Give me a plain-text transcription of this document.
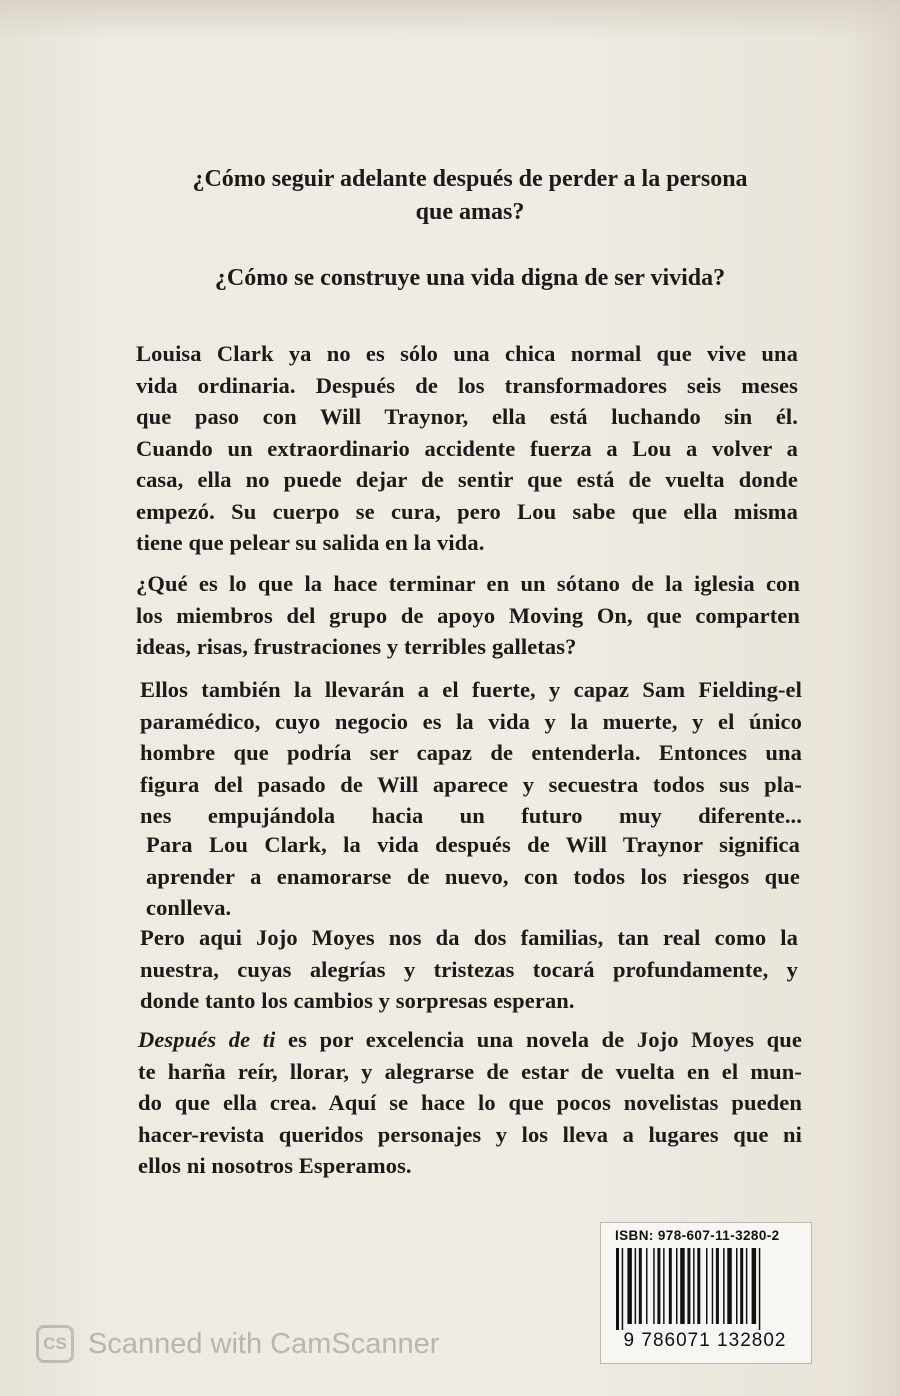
¿Cómo seguir adelante después de perder a la persona
que amas?
¿Cómo se construye una vida digna de ser vivida?
Louisa Clark ya no es sólo una chica normal que vive una
vida ordinaria. Después de los transformadores seis meses
que paso con Will Traynor, ella está luchando sin él.
Cuando un extraordinario accidente fuerza a Lou a volver a
casa, ella no puede dejar de sentir que está de vuelta donde
empezó. Su cuerpo se cura, pero Lou sabe que ella misma
tiene que pelear su salida en la vida.
¿Qué es lo que la hace terminar en un sótano de la iglesia con
los miembros del grupo de apoyo Moving On, que comparten
ideas, risas, frustraciones y terribles galletas?
Ellos también la llevarán a el fuerte, y capaz Sam Fielding-el
paramédico, cuyo negocio es la vida y la muerte, y el único
hombre que podría ser capaz de entenderla. Entonces una
figura del pasado de Will aparece y secuestra todos sus pla-
nes empujándola hacia un futuro muy diferente...
Para Lou Clark, la vida después de Will Traynor significa
aprender a enamorarse de nuevo, con todos los riesgos que
conlleva.
Pero aqui Jojo Moyes nos da dos familias, tan real como la
nuestra, cuyas alegrías y tristezas tocará profundamente, y
donde tanto los cambios y sorpresas esperan.
Después de ti es por excelencia una novela de Jojo Moyes que
te harña reír, llorar, y alegrarse de estar de vuelta en el mun-
do que ella crea. Aquí se hace lo que pocos novelistas pueden
hacer-revista queridos personajes y los lleva a lugares que ni
ellos ni nosotros Esperamos.
ISBN: 978-607-11-3280-2
9 786071 132802
CS Scanned with CamScanner
